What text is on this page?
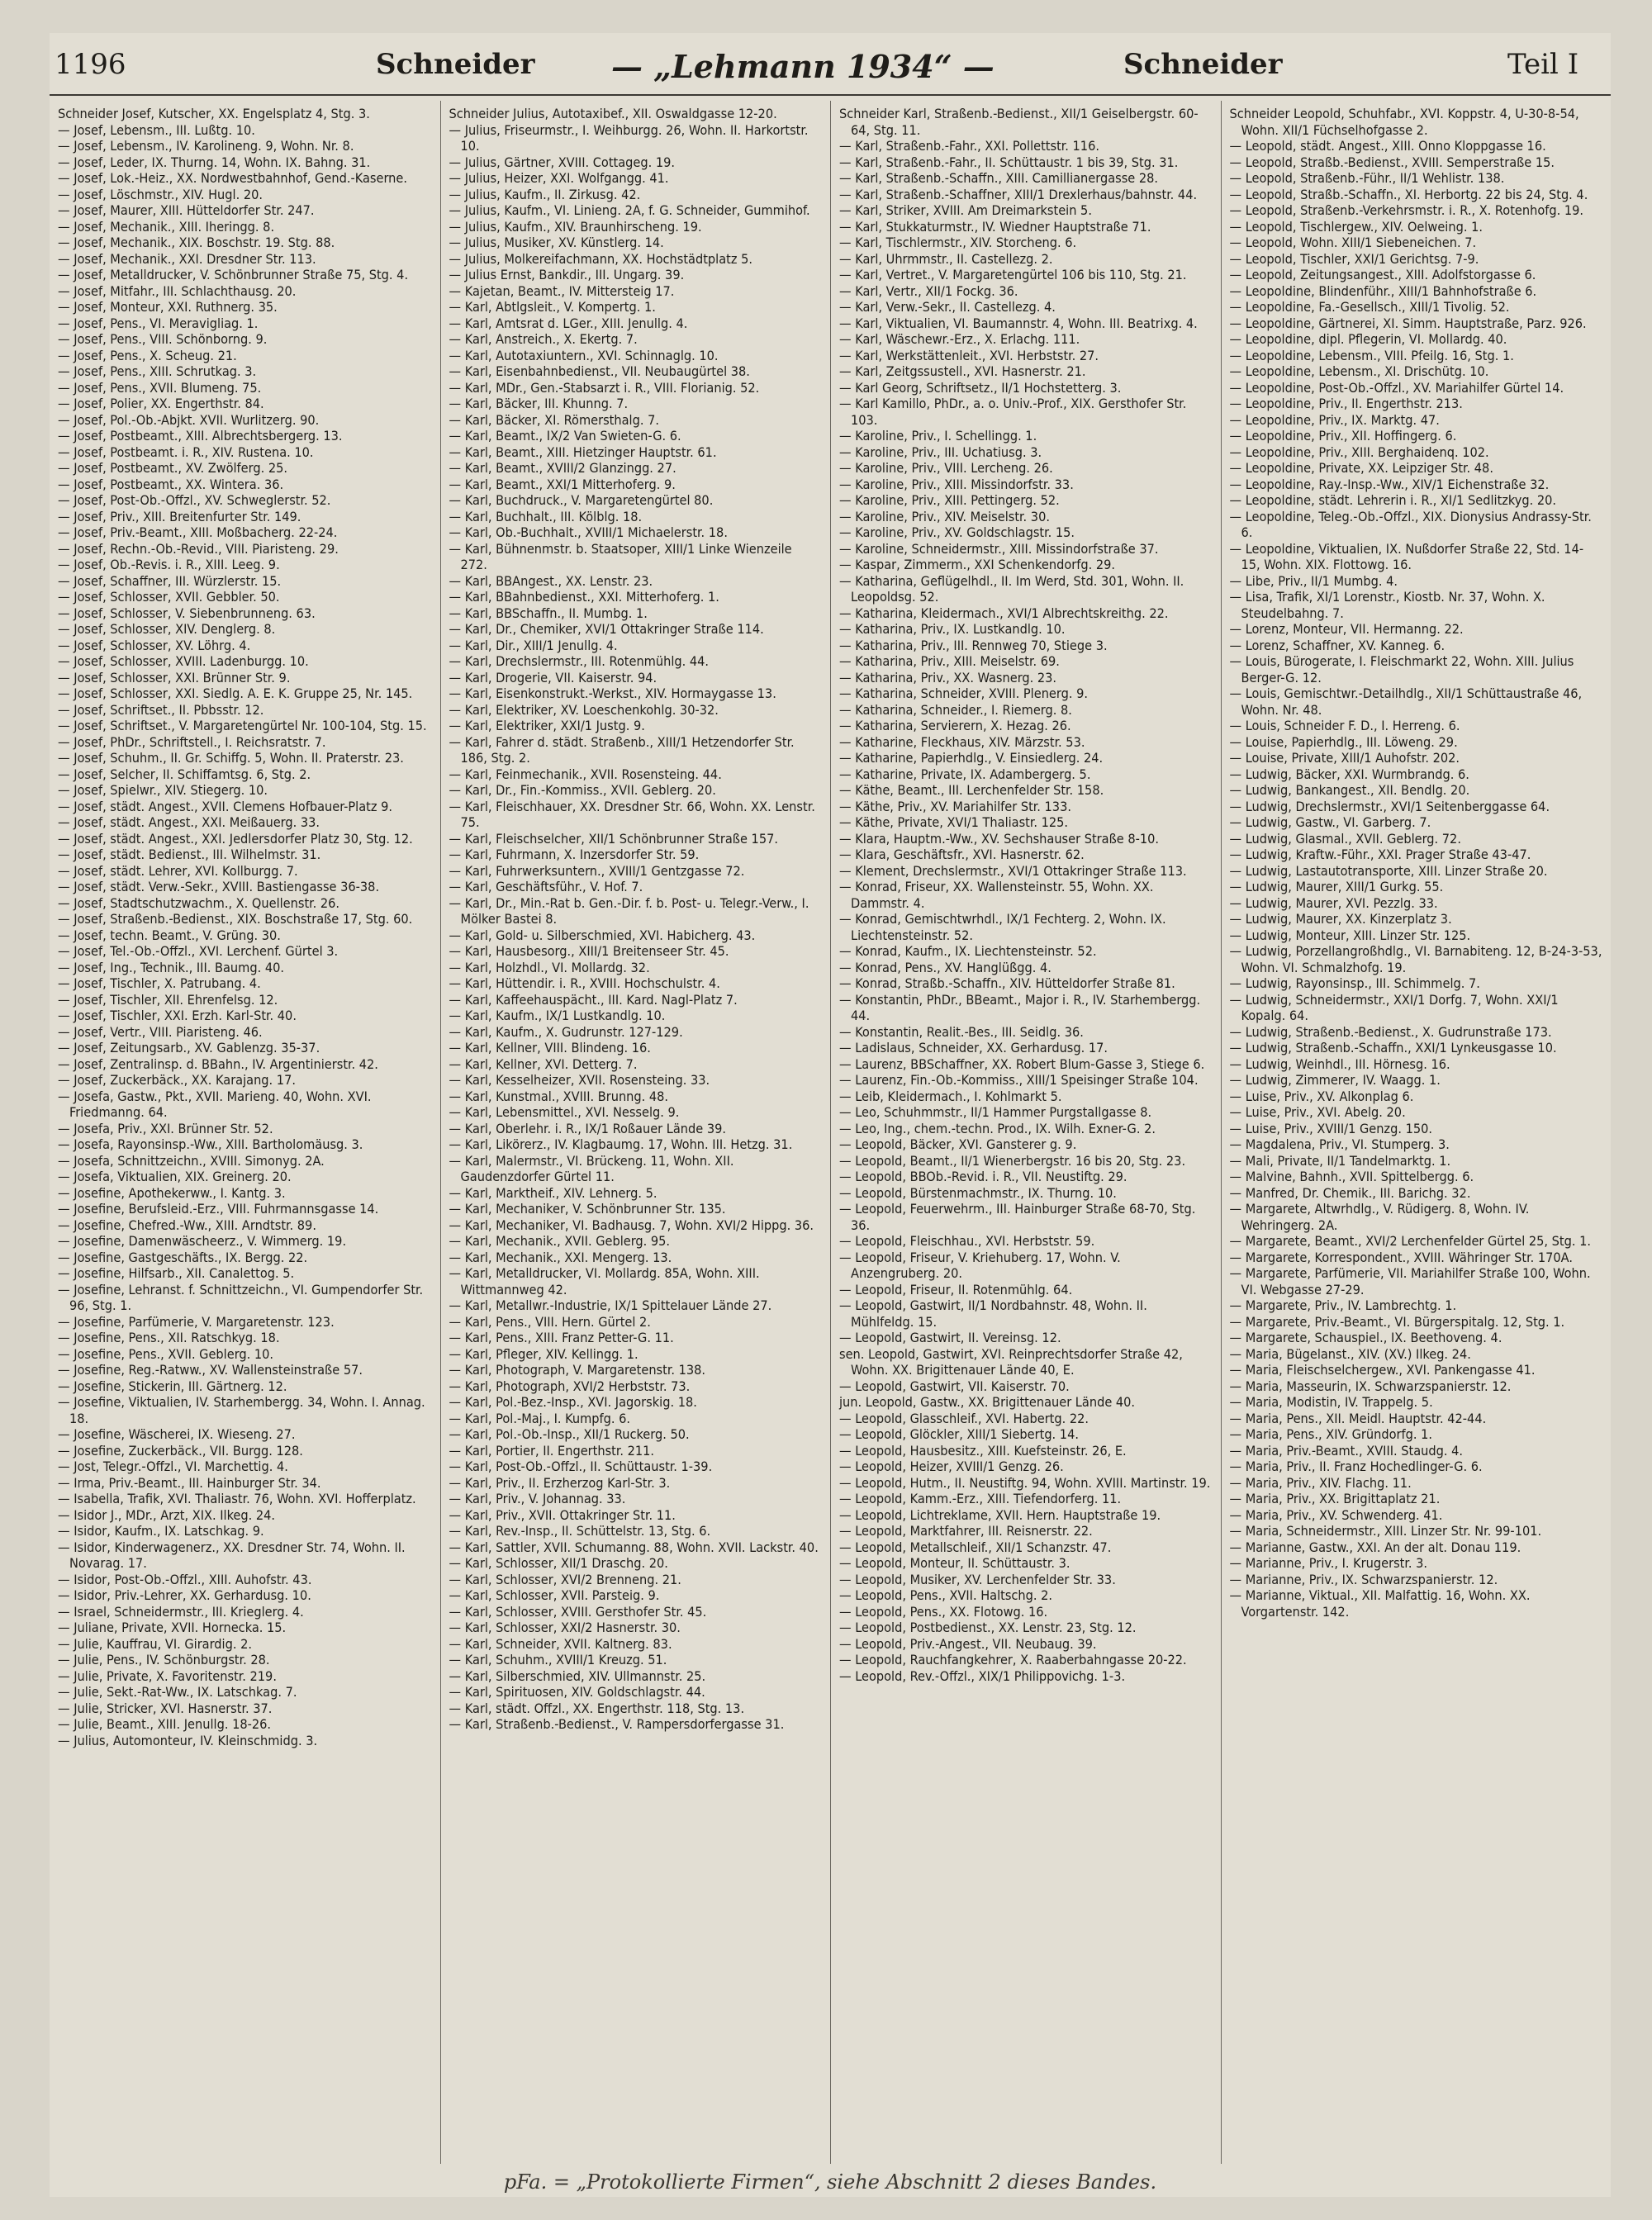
1196	Schneider — „Lehmann 1934“ —	Schneider	Teil I

Schneider Josef, Kutscher, XX. Engelsplatz 4, Stg. 3.

— Josef, Lebensm., III. Lußtg. 10.

— Josef, Lebensm., IV. Karolineng. 9, Wohn. Nr. 8.

— Josef, Leder, IX. Thurng. 14, Wohn. IX. Bahng. 31.

— Josef, Lok.-Heiz., XX. Nordwestbahnhof, Gend.-Kaserne.

— Josef, Löschmstr., XIV. Hugl. 20.

— Josef, Maurer, XIII. Hütteldorfer Str. 247.

— Josef, Mechanik., XIII. Iheringg. 8.

— Josef, Mechanik., XIX. Boschstr. 19. Stg. 88.

— Josef, Mechanik., XXI. Dresdner Str. 113.

— Josef, Metalldrucker, V. Schönbrunner Straße 75, Stg. 4.

— Josef, Mitfahr., III. Schlachthausg. 20.

— Josef, Monteur, XXI. Ruthnerg. 35.

— Josef, Pens., VI. Meravigliag. 1.

— Josef, Pens., VIII. Schönborng. 9.

— Josef, Pens., X. Scheug. 21.

— Josef, Pens., XIII. Schrutkag. 3.

— Josef, Pens., XVII. Blumeng. 75.

— Josef, Polier, XX. Engerthstr. 84.

— Josef, Pol.-Ob.-Abjkt. XVII. Wurlitzerg. 90.

— Josef, Postbeamt., XIII. Albrechtsbergerg. 13.

— Josef, Postbeamt. i. R., XIV. Rustena. 10.

— Josef, Postbeamt., XV. Zwölferg. 25.

— Josef, Postbeamt., XX. Wintera. 36.

— Josef, Post-Ob.-Offzl., XV. Schweglerstr. 52.

— Josef, Priv., XIII. Breitenfurter Str. 149.

— Josef, Priv.-Beamt., XIII. Moßbacherg. 22-24.

— Josef, Rechn.-Ob.-Revid., VIII. Piaristeng. 29.

— Josef, Ob.-Revis. i. R., XIII. Leeg. 9.

— Josef, Schaffner, III. Würzlerstr. 15.

— Josef, Schlosser, XVII. Gebbler. 50.

— Josef, Schlosser, V. Siebenbrunneng. 63.

— Josef, Schlosser, XIV. Denglerg. 8.

— Josef, Schlosser, XV. Löhrg. 4.

— Josef, Schlosser, XVIII. Ladenburgg. 10.

— Josef, Schlosser, XXI. Brünner Str. 9.

— Josef, Schlosser, XXI. Siedlg. A. E. K. Gruppe 25, Nr. 145.

— Josef, Schriftset., II. Pbbsstr. 12.

— Josef, Schriftset., V. Margaretengürtel Nr. 100-104, Stg. 15.

— Josef, PhDr., Schriftstell., I. Reichsratstr. 7.

— Josef, Schuhm., II. Gr. Schiffg. 5, Wohn. II. Praterstr. 23.

— Josef, Selcher, II. Schiffamtsg. 6, Stg. 2.

— Josef, Spielwr., XIV. Stiegerg. 10.

— Josef, städt. Angest., XVII. Clemens Hofbauer-Platz 9.

— Josef, städt. Angest., XXI. Meißauerg. 33.

— Josef, städt. Angest., XXI. Jedlersdorfer Platz 30, Stg. 12.

— Josef, städt. Bedienst., III. Wilhelmstr. 31.

— Josef, städt. Lehrer, XVI. Kollburgg. 7.

— Josef, städt. Verw.-Sekr., XVIII. Bastiengasse 36-38.

— Josef, Stadtschutzwachm., X. Quellenstr. 26.

— Josef, Straßenb.-Bedienst., XIX. Boschstraße 17, Stg. 60.

— Josef, techn. Beamt., V. Grüng. 30.

— Josef, Tel.-Ob.-Offzl., XVI. Lerchenf. Gürtel 3.

— Josef, Ing., Technik., III. Baumg. 40.

— Josef, Tischler, X. Patrubang. 4.

— Josef, Tischler, XII. Ehrenfelsg. 12.

— Josef, Tischler, XXI. Erzh. Karl-Str. 40.

— Josef, Vertr., VIII. Piaristeng. 46.

— Josef, Zeitungsarb., XV. Gablenzg. 35-37.

— Josef, Zentralinsp. d. BBahn., IV. Argentinierstr. 42.

— Josef, Zuckerbäck., XX. Karajang. 17.

— Josefa, Gastw., Pkt., XVII. Marieng. 40, Wohn. XVI. Friedmanng. 64.

— Josefa, Priv., XXI. Brünner Str. 52.

— Josefa, Rayonsinsp.-Ww., XIII. Bartholomäusg. 3.

— Josefa, Schnittzeichn., XVIII. Simonyg. 2A.

— Josefa, Viktualien, XIX. Greinerg. 20.

— Josefine, Apothekerww., I. Kantg. 3.

— Josefine, Berufsleid.-Erz., VIII. Fuhrmannsgasse 14.

— Josefine, Chefred.-Ww., XIII. Arndtstr. 89.

— Josefine, Damenwäscheerz., V. Wimmerg. 19.

— Josefine, Gastgeschäfts., IX. Bergg. 22.

— Josefine, Hilfsarb., XII. Canalettog. 5.

— Josefine, Lehranst. f. Schnittzeichn., VI. Gumpendorfer Str. 96, Stg. 1.

— Josefine, Parfümerie, V. Margaretenstr. 123.

— Josefine, Pens., XII. Ratschkyg. 18.

— Josefine, Pens., XVII. Geblerg. 10.

— Josefine, Reg.-Ratww., XV. Wallensteinstraße 57.

— Josefine, Stickerin, III. Gärtnerg. 12.

— Josefine, Viktualien, IV. Starhembergg. 34, Wohn. I. Annag. 18.

— Josefine, Wäscherei, IX. Wieseng. 27.

— Josefine, Zuckerbäck., VII. Burgg. 128.

— Jost, Telegr.-Offzl., VI. Marchettig. 4.

— Irma, Priv.-Beamt., III. Hainburger Str. 34.

— Isabella, Trafik, XVI. Thaliastr. 76, Wohn. XVI. Hofferplatz.

— Isidor J., MDr., Arzt, XIX. Ilkeg. 24.

— Isidor, Kaufm., IX. Latschkag. 9.

— Isidor, Kinderwagenerz., XX. Dresdner Str. 74, Wohn. II. Novarag. 17.

— Isidor, Post-Ob.-Offzl., XIII. Auhofstr. 43.

— Isidor, Priv.-Lehrer, XX. Gerhardusg. 10.

— Israel, Schneidermstr., III. Krieglerg. 4.

— Juliane, Private, XVII. Hornecka. 15.

— Julie, Kauffrau, VI. Girardig. 2.

— Julie, Pens., IV. Schönburgstr. 28.

— Julie, Private, X. Favoritenstr. 219.

— Julie, Sekt.-Rat-Ww., IX. Latschkag. 7.

— Julie, Stricker, XVI. Hasnerstr. 37.

— Julie, Beamt., XIII. Jenullg. 18-26.

— Julius, Automonteur, IV. Kleinschmidg. 3.

Schneider Julius, Autotaxibef., XII. Oswaldgasse 12-20.

— Julius, Friseurmstr., I. Weihburgg. 26, Wohn. II. Harkortstr. 10.

— Julius, Gärtner, XVIII. Cottageg. 19.

— Julius, Heizer, XXI. Wolfgangg. 41.

— Julius, Kaufm., II. Zirkusg. 42.

— Julius, Kaufm., VI. Linieng. 2A, f. G. Schneider, Gummihof.

— Julius, Kaufm., XIV. Braunhirscheng. 19.

— Julius, Musiker, XV. Künstlerg. 14.

— Julius, Molkereifachmann, XX. Hochstädtplatz 5.

— Julius Ernst, Bankdir., III. Ungarg. 39.

— Kajetan, Beamt., IV. Mittersteig 17.

— Karl, Abtlgsleit., V. Kompertg. 1.

— Karl, Amtsrat d. LGer., XIII. Jenullg. 4.

— Karl, Anstreich., X. Ekertg. 7.

— Karl, Autotaxiuntern., XVI. Schinnaglg. 10.

— Karl, Eisenbahnbedienst., VII. Neubaugürtel 38.

— Karl, MDr., Gen.-Stabsarzt i. R., VIII. Florianig. 52.

— Karl, Bäcker, III. Khunng. 7.

— Karl, Bäcker, XI. Römersthalg. 7.

— Karl, Beamt., IX/2 Van Swieten-G. 6.

— Karl, Beamt., XIII. Hietzinger Hauptstr. 61.

— Karl, Beamt., XVIII/2 Glanzingg. 27.

— Karl, Beamt., XXI/1 Mitterhoferg. 9.

— Karl, Buchdruck., V. Margaretengürtel 80.

— Karl, Buchhalt., III. Kölblg. 18.

— Karl, Ob.-Buchhalt., XVIII/1 Michaelerstr. 18.

— Karl, Bühnenmstr. b. Staatsoper, XIII/1 Linke Wienzeile 272.

— Karl, BBAngest., XX. Lenstr. 23.

— Karl, BBahnbedienst., XXI. Mitterhoferg. 1.

— Karl, BBSchaffn., II. Mumbg. 1.

— Karl, Dr., Chemiker, XVI/1 Ottakringer Straße 114.

— Karl, Dir., XIII/1 Jenullg. 4.

— Karl, Drechslermstr., III. Rotenmühlg. 44.

— Karl, Drogerie, VII. Kaiserstr. 94.

— Karl, Eisenkonstrukt.-Werkst., XIV. Hormaygasse 13.

— Karl, Elektriker, XV. Loeschenkohlg. 30-32.

— Karl, Elektriker, XXI/1 Justg. 9.

— Karl, Fahrer d. städt. Straßenb., XIII/1 Hetzendorfer Str. 186, Stg. 2.

— Karl, Feinmechanik., XVII. Rosensteing. 44.

— Karl, Dr., Fin.-Kommiss., XVII. Geblerg. 20.

— Karl, Fleischhauer, XX. Dresdner Str. 66, Wohn. XX. Lenstr. 75.

— Karl, Fleischselcher, XII/1 Schönbrunner Straße 157.

— Karl, Fuhrmann, X. Inzersdorfer Str. 59.

— Karl, Fuhrwerksuntern., XVIII/1 Gentzgasse 72.

— Karl, Geschäftsführ., V. Hof. 7.

— Karl, Dr., Min.-Rat b. Gen.-Dir. f. b. Post- u. Telegr.-Verw., I. Mölker Bastei 8.

— Karl, Gold- u. Silberschmied, XVI. Habicherg. 43.

— Karl, Hausbesorg., XIII/1 Breitenseer Str. 45.

— Karl, Holzhdl., VI. Mollardg. 32.

— Karl, Hüttendir. i. R., XVIII. Hochschulstr. 4.

— Karl, Kaffeehauspächt., III. Kard. Nagl-Platz 7.

— Karl, Kaufm., IX/1 Lustkandlg. 10.

— Karl, Kaufm., X. Gudrunstr. 127-129.

— Karl, Kellner, VIII. Blindeng. 16.

— Karl, Kellner, XVI. Detterg. 7.

— Karl, Kesselheizer, XVII. Rosensteing. 33.

— Karl, Kunstmal., XVIII. Brunng. 48.

— Karl, Lebensmittel., XVI. Nesselg. 9.

— Karl, Oberlehr. i. R., IX/1 Roßauer Lände 39.

— Karl, Likörerz., IV. Klagbaumg. 17, Wohn. III. Hetzg. 31.

— Karl, Malermstr., VI. Brückeng. 11, Wohn. XII. Gaudenzdorfer Gürtel 11.

— Karl, Marktheif., XIV. Lehnerg. 5.

— Karl, Mechaniker, V. Schönbrunner Str. 135.

— Karl, Mechaniker, VI. Badhausg. 7, Wohn. XVI/2 Hippg. 36.

— Karl, Mechanik., XVII. Geblerg. 95.

— Karl, Mechanik., XXI. Mengerg. 13.

— Karl, Metalldrucker, VI. Mollardg. 85A, Wohn. XIII. Wittmannweg 42.

— Karl, Metallwr.-Industrie, IX/1 Spittelauer Lände 27.

— Karl, Pens., VIII. Hern. Gürtel 2.

— Karl, Pens., XIII. Franz Petter-G. 11.

— Karl, Pfleger, XIV. Kellingg. 1.

— Karl, Photograph, V. Margaretenstr. 138.

— Karl, Photograph, XVI/2 Herbststr. 73.

— Karl, Pol.-Bez.-Insp., XVI. Jagorskig. 18.

— Karl, Pol.-Maj., I. Kumpfg. 6.

— Karl, Pol.-Ob.-Insp., XII/1 Ruckerg. 50.

— Karl, Portier, II. Engerthstr. 211.

— Karl, Post-Ob.-Offzl., II. Schüttaustr. 1-39.

— Karl, Priv., II. Erzherzog Karl-Str. 3.

— Karl, Priv., V. Johannag. 33.

— Karl, Priv., XVII. Ottakringer Str. 11.

— Karl, Rev.-Insp., II. Schüttelstr. 13, Stg. 6.

— Karl, Sattler, XVII. Schumanng. 88, Wohn. XVII. Lackstr. 40.

— Karl, Schlosser, XII/1 Draschg. 20.

— Karl, Schlosser, XVI/2 Brenneng. 21.

— Karl, Schlosser, XVII. Parsteig. 9.

— Karl, Schlosser, XVIII. Gersthofer Str. 45.

— Karl, Schlosser, XXI/2 Hasnerstr. 30.

— Karl, Schneider, XVII. Kaltnerg. 83.

— Karl, Schuhm., XVIII/1 Kreuzg. 51.

— Karl, Silberschmied, XIV. Ullmannstr. 25.

— Karl, Spirituosen, XIV. Goldschlagstr. 44.

— Karl, städt. Offzl., XX. Engerthstr. 118, Stg. 13.

— Karl, Straßenb.-Bedienst., V. Rampersdorfergasse 31.

Schneider Karl, Straßenb.-Bedienst., XII/1 Geiselbergstr. 60-64, Stg. 11.

— Karl, Straßenb.-Fahr., XXI. Pollettstr. 116.

— Karl, Straßenb.-Fahr., II. Schüttaustr. 1 bis 39, Stg. 31.

— Karl, Straßenb.-Schaffn., XIII. Camillianergasse 28.

— Karl, Straßenb.-Schaffner, XIII/1 Drexlerhaus/bahnstr. 44.

— Karl, Striker, XVIII. Am Dreimarkstein 5.

— Karl, Stukkaturmstr., IV. Wiedner Hauptstraße 71.

— Karl, Tischlermstr., XIV. Storcheng. 6.

— Karl, Uhrmmstr., II. Castellezg. 2.

— Karl, Vertret., V. Margaretengürtel 106 bis 110, Stg. 21.

— Karl, Vertr., XII/1 Fockg. 36.

— Karl, Verw.-Sekr., II. Castellezg. 4.

— Karl, Viktualien, VI. Baumannstr. 4, Wohn. III. Beatrixg. 4.

— Karl, Wäschewr.-Erz., X. Erlachg. 111.

— Karl, Werkstättenleit., XVI. Herbststr. 27.

— Karl, Zeitgssustell., XVI. Hasnerstr. 21.

— Karl Georg, Schriftsetz., II/1 Hochstetterg. 3.

— Karl Kamillo, PhDr., a. o. Univ.-Prof., XIX. Gersthofer Str. 103.

— Karoline, Priv., I. Schellingg. 1.

— Karoline, Priv., III. Uchatiusg. 3.

— Karoline, Priv., VIII. Lercheng. 26.

— Karoline, Priv., XIII. Missindorfstr. 33.

— Karoline, Priv., XIII. Pettingerg. 52.

— Karoline, Priv., XIV. Meiselstr. 30.

— Karoline, Priv., XV. Goldschlagstr. 15.

— Karoline, Schneidermstr., XIII. Missindorfstraße 37.

— Kaspar, Zimmerm., XXI Schenkendorfg. 29.

— Katharina, Geflügelhdl., II. Im Werd, Std. 301, Wohn. II. Leopoldsg. 52.

— Katharina, Kleidermach., XVI/1 Albrechtskreithg. 22.

— Katharina, Priv., IX. Lustkandlg. 10.

— Katharina, Priv., III. Rennweg 70, Stiege 3.

— Katharina, Priv., XIII. Meiselstr. 69.

— Katharina, Priv., XX. Wasnerg. 23.

— Katharina, Schneider, XVIII. Plenerg. 9.

— Katharina, Schneider., I. Riemerg. 8.

— Katharina, Servierern, X. Hezag. 26.

— Katharine, Fleckhaus, XIV. Märzstr. 53.

— Katharine, Papierhdlg., V. Einsiedlerg. 24.

— Katharine, Private, IX. Adambergerg. 5.

— Käthe, Beamt., III. Lerchenfelder Str. 158.

— Käthe, Priv., XV. Mariahilfer Str. 133.

— Käthe, Private, XVI/1 Thaliastr. 125.

— Klara, Hauptm.-Ww., XV. Sechshauser Straße 8-10.

— Klara, Geschäftsfr., XVI. Hasnerstr. 62.

— Klement, Drechslermstr., XVI/1 Ottakringer Straße 113.

— Konrad, Friseur, XX. Wallensteinstr. 55, Wohn. XX. Dammstr. 4.

— Konrad, Gemischtwrhdl., IX/1 Fechterg. 2, Wohn. IX. Liechtensteinstr. 52.

— Konrad, Kaufm., IX. Liechtensteinstr. 52.

— Konrad, Pens., XV. Hanglüßgg. 4.

— Konrad, Straßb.-Schaffn., XIV. Hütteldorfer Straße 81.

— Konstantin, PhDr., BBeamt., Major i. R., IV. Starhembergg. 44.

— Konstantin, Realit.-Bes., III. Seidlg. 36.

— Ladislaus, Schneider, XX. Gerhardusg. 17.

— Laurenz, BBSchaffner, XX. Robert Blum-Gasse 3, Stiege 6.

— Laurenz, Fin.-Ob.-Kommiss., XIII/1 Speisinger Straße 104.

— Leib, Kleidermach., I. Kohlmarkt 5.

— Leo, Schuhmmstr., II/1 Hammer Purgstallgasse 8.

— Leo, Ing., chem.-techn. Prod., IX. Wilh. Exner-G. 2.

— Leopold, Bäcker, XVI. Gansterer g. 9.

— Leopold, Beamt., II/1 Wienerbergstr. 16 bis 20, Stg. 23.

— Leopold, BBOb.-Revid. i. R., VII. Neustiftg. 29.

— Leopold, Bürstenmachmstr., IX. Thurng. 10.

— Leopold, Feuerwehrm., III. Hainburger Straße 68-70, Stg. 36.

— Leopold, Fleischhau., XVI. Herbststr. 59.

— Leopold, Friseur, V. Kriehuberg. 17, Wohn. V. Anzengruberg. 20.

— Leopold, Friseur, II. Rotenmühlg. 64.

— Leopold, Gastwirt, II/1 Nordbahnstr. 48, Wohn. II. Mühlfeldg. 15.

— Leopold, Gastwirt, II. Vereinsg. 12.

sen. Leopold, Gastwirt, XVI. Reinprechtsdorfer Straße 42, Wohn. XX. Brigittenauer Lände 40, E.

— Leopold, Gastwirt, VII. Kaiserstr. 70.

jun. Leopold, Gastw., XX. Brigittenauer Lände 40.

— Leopold, Glasschleif., XVI. Habertg. 22.

— Leopold, Glöckler, XIII/1 Siebertg. 14.

— Leopold, Hausbesitz., XIII. Kuefsteinstr. 26, E.

— Leopold, Heizer, XVIII/1 Genzg. 26.

— Leopold, Hutm., II. Neustiftg. 94, Wohn. XVIII. Martinstr. 19.

— Leopold, Kamm.-Erz., XIII. Tiefendorferg. 11.

— Leopold, Lichtreklame, XVII. Hern. Hauptstraße 19.

— Leopold, Marktfahrer, III. Reisnerstr. 22.

— Leopold, Metallschleif., XII/1 Schanzstr. 47.

— Leopold, Monteur, II. Schüttaustr. 3.

— Leopold, Musiker, XV. Lerchenfelder Str. 33.

— Leopold, Pens., XVII. Haltschg. 2.

— Leopold, Pens., XX. Flotowg. 16.

— Leopold, Postbedienst., XX. Lenstr. 23, Stg. 12.

— Leopold, Priv.-Angest., VII. Neubaug. 39.

— Leopold, Rauchfangkehrer, X. Raaberbahngasse 20-22.

— Leopold, Rev.-Offzl., XIX/1 Philippovichg. 1-3.

Schneider Leopold, Schuhfabr., XVI. Koppstr. 4, U-30-8-54, Wohn. XII/1 Füchselhofgasse 2.

— Leopold, städt. Angest., XIII. Onno Kloppgasse 16.

— Leopold, Straßb.-Bedienst., XVIII. Semperstraße 15.

— Leopold, Straßenb.-Führ., II/1 Wehlistr. 138.

— Leopold, Straßb.-Schaffn., XI. Herbortg. 22 bis 24, Stg. 4.

— Leopold, Straßenb.-Verkehrsmstr. i. R., X. Rotenhofg. 19.

— Leopold, Tischlergew., XIV. Oelweing. 1.

— Leopold, Wohn. XIII/1 Siebeneichen. 7.

— Leopold, Tischler, XXI/1 Gerichtsg. 7-9.

— Leopold, Zeitungsangest., XIII. Adolfstorgasse 6.

— Leopoldine, Blindenführ., XIII/1 Bahnhofstraße 6.

— Leopoldine, Fa.-Gesellsch., XIII/1 Tivolig. 52.

— Leopoldine, Gärtnerei, XI. Simm. Hauptstraße, Parz. 926.

— Leopoldine, dipl. Pflegerin, VI. Mollardg. 40.

— Leopoldine, Lebensm., VIII. Pfeilg. 16, Stg. 1.

— Leopoldine, Lebensm., XI. Drischütg. 10.

— Leopoldine, Post-Ob.-Offzl., XV. Mariahilfer Gürtel 14.

— Leopoldine, Priv., II. Engerthstr. 213.

— Leopoldine, Priv., IX. Marktg. 47.

— Leopoldine, Priv., XII. Hoffingerg. 6.

— Leopoldine, Priv., XIII. Berghaidenq. 102.

— Leopoldine, Private, XX. Leipziger Str. 48.

— Leopoldine, Ray.-Insp.-Ww., XIV/1 Eichenstraße 32.

— Leopoldine, städt. Lehrerin i. R., XI/1 Sedlitzkyg. 20.

— Leopoldine, Teleg.-Ob.-Offzl., XIX. Dionysius Andrassy-Str. 6.

— Leopoldine, Viktualien, IX. Nußdorfer Straße 22, Std. 14-15, Wohn. XIX. Flottowg. 16.

— Libe, Priv., II/1 Mumbg. 4.

— Lisa, Trafik, XI/1 Lorenstr., Kiostb. Nr. 37, Wohn. X. Steudelbahng. 7.

— Lorenz, Monteur, VII. Hermanng. 22.

— Lorenz, Schaffner, XV. Kanneg. 6.

— Louis, Bürogerate, I. Fleischmarkt 22, Wohn. XIII. Julius Berger-G. 12.

— Louis, Gemischtwr.-Detailhdlg., XII/1 Schüttaustraße 46, Wohn. Nr. 48.

— Louis, Schneider F. D., I. Herreng. 6.

— Louise, Papierhdlg., III. Löweng. 29.

— Louise, Private, XIII/1 Auhofstr. 202.

— Ludwig, Bäcker, XXI. Wurmbrandg. 6.

— Ludwig, Bankangest., XII. Bendlg. 20.

— Ludwig, Drechslermstr., XVI/1 Seitenberggasse 64.

— Ludwig, Gastw., VI. Garberg. 7.

— Ludwig, Glasmal., XVII. Geblerg. 72.

— Ludwig, Kraftw.-Führ., XXI. Prager Straße 43-47.

— Ludwig, Lastautotransporte, XIII. Linzer Straße 20.

— Ludwig, Maurer, XIII/1 Gurkg. 55.

— Ludwig, Maurer, XVI. Pezzlg. 33.

— Ludwig, Maurer, XX. Kinzerplatz 3.

— Ludwig, Monteur, XIII. Linzer Str. 125.

— Ludwig, Porzellangroßhdlg., VI. Barnabiteng. 12, B-24-3-53, Wohn. VI. Schmalzhofg. 19.

— Ludwig, Rayonsinsp., III. Schimmelg. 7.

— Ludwig, Schneidermstr., XXI/1 Dorfg. 7, Wohn. XXI/1 Kopalg. 64.

— Ludwig, Straßenb.-Bedienst., X. Gudrunstraße 173.

— Ludwig, Straßenb.-Schaffn., XXI/1 Lynkeusgasse 10.

— Ludwig, Weinhdl., III. Hörnesg. 16.

— Ludwig, Zimmerer, IV. Waagg. 1.

— Luise, Priv., XV. Alkonplag 6.

— Luise, Priv., XVI. Abelg. 20.

— Luise, Priv., XVIII/1 Genzg. 150.

— Magdalena, Priv., VI. Stumperg. 3.

— Mali, Private, II/1 Tandelmarktg. 1.

— Malvine, Bahnh., XVII. Spittelbergg. 6.

— Manfred, Dr. Chemik., III. Barichg. 32.

— Margarete, Altwrhdlg., V. Rüdigerg. 8, Wohn. IV. Wehringerg. 2A.

— Margarete, Beamt., XVI/2 Lerchenfelder Gürtel 25, Stg. 1.

— Margarete, Korrespondent., XVIII. Währinger Str. 170A.

— Margarete, Parfümerie, VII. Mariahilfer Straße 100, Wohn. VI. Webgasse 27-29.

— Margarete, Priv., IV. Lambrechtg. 1.

— Margarete, Priv.-Beamt., VI. Bürgerspitalg. 12, Stg. 1.

— Margarete, Schauspiel., IX. Beethoveng. 4.

— Maria, Bügelanst., XIV. (XV.) Ilkeg. 24.

— Maria, Fleischselchergew., XVI. Pankengasse 41.

— Maria, Masseurin, IX. Schwarzspanierstr. 12.

— Maria, Modistin, IV. Trappelg. 5.

— Maria, Pens., XII. Meidl. Hauptstr. 42-44.

— Maria, Pens., XIV. Gründorfg. 1.

— Maria, Priv.-Beamt., XVIII. Staudg. 4.

— Maria, Priv., II. Franz Hochedlinger-G. 6.

— Maria, Priv., XIV. Flachg. 11.

— Maria, Priv., XX. Brigittaplatz 21.

— Maria, Priv., XV. Schwenderg. 41.

— Maria, Schneidermstr., XIII. Linzer Str. Nr. 99-101.

— Marianne, Gastw., XXI. An der alt. Donau 119.

— Marianne, Priv., I. Krugerstr. 3.

— Marianne, Priv., IX. Schwarzspanierstr. 12.

— Marianne, Viktual., XII. Malfattig. 16, Wohn. XX. Vorgartenstr. 142.

pFa. = „Protokollierte Firmen“, siehe Abschnitt 2 dieses Bandes.
